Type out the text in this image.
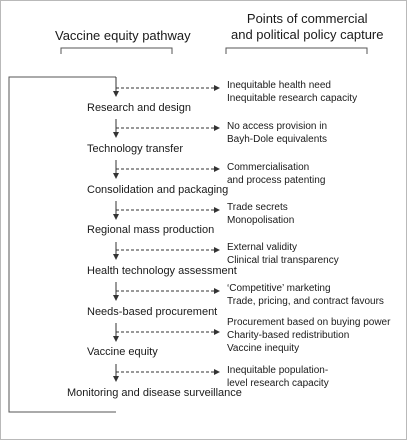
Vaccine equity pathway
Points of commercial
and political policy capture
Research and design
Technology transfer
Consolidation and packaging
Regional mass production
Health technology assessment
Needs-based procurement
Vaccine equity
Monitoring and disease surveillance
Inequitable health need
Inequitable research capacity
No access provision in
Bayh-Dole equivalents
Commercialisation
and process patenting
Trade secrets
Monopolisation
External validity
Clinical trial transparency
‘Competitive’ marketing
Trade, pricing, and contract favours
Procurement based on buying power
Charity-based redistribution
Vaccine inequity
Inequitable population-
level research capacity
